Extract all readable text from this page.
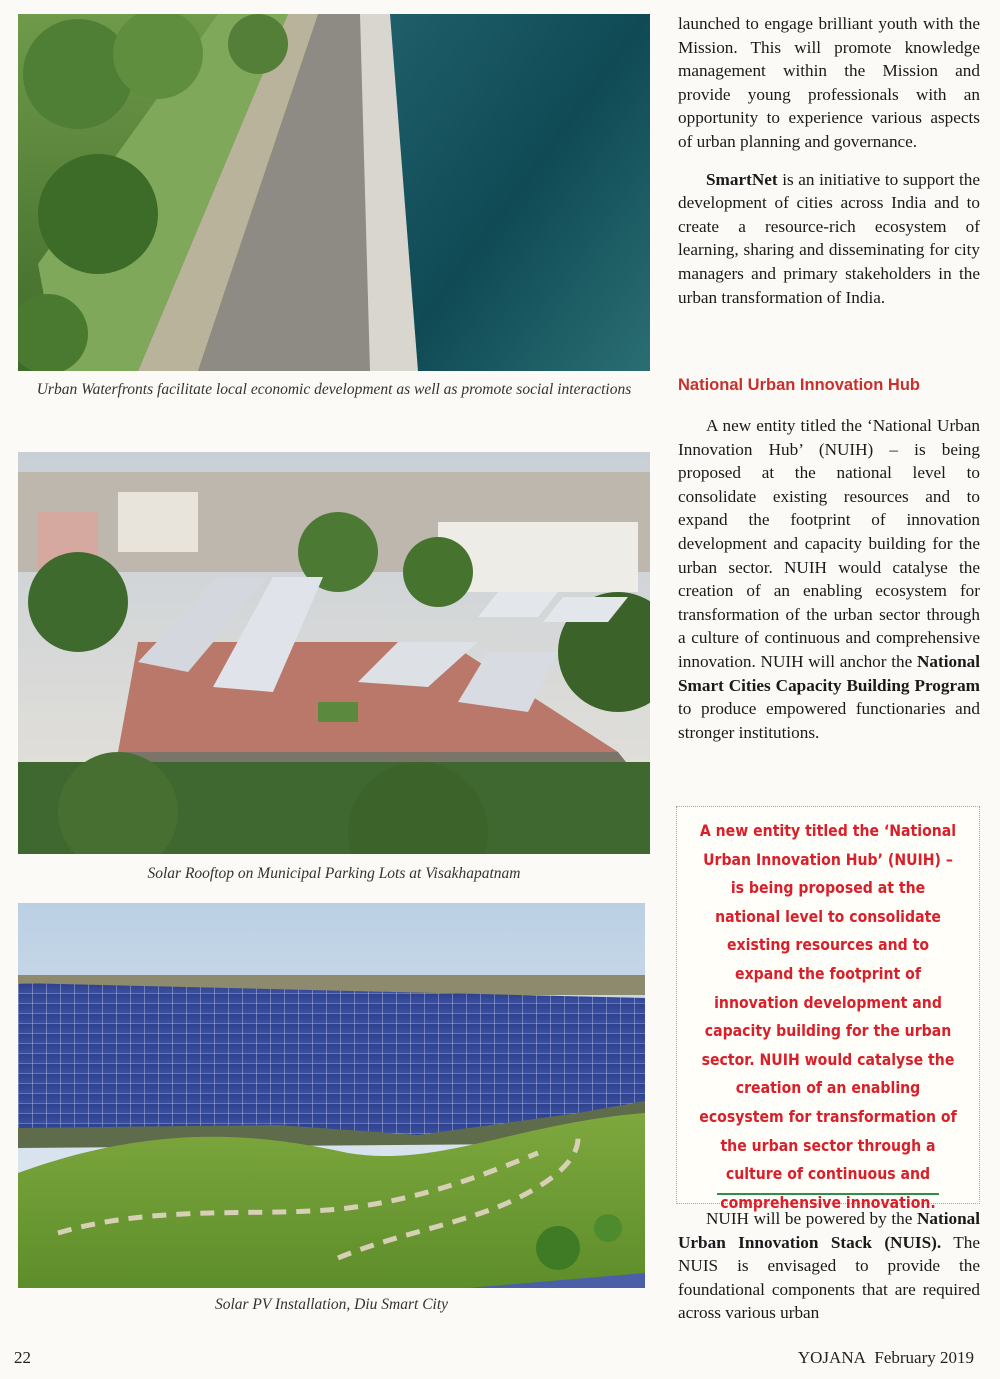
Urban Waterfronts facilitate local economic development as well as promote social interactions
Solar Rooftop on Municipal Parking Lots at Visakhapatnam
Solar PV Installation, Diu Smart City

launched to engage brilliant youth with the Mission. This will promote knowledge management within the Mission and provide young professionals with an opportunity to experience various aspects of urban planning and governance.

SmartNet is an initiative to support the development of cities across India and to create a resource-rich ecosystem of learning, sharing and disseminating for city managers and primary stakeholders in the urban transformation of India.

National Urban Innovation Hub

A new entity titled the ‘National Urban Innovation Hub’ (NUIH) – is being proposed at the national level to consolidate existing resources and to expand the footprint of innovation development and capacity building for the urban sector. NUIH would catalyse the creation of an enabling ecosystem for transformation of the urban sector through a culture of continuous and comprehensive innovation. NUIH will anchor the National Smart Cities Capacity Building Program to produce empowered functionaries and stronger institutions.

A new entity titled the ‘National Urban Innovation Hub’ (NUIH) – is being proposed at the national level to consolidate existing resources and to expand the footprint of innovation development and capacity building for the urban sector. NUIH would catalyse the creation of an enabling ecosystem for transformation of the urban sector through a culture of continuous and comprehensive innovation.

NUIH will be powered by the National Urban Innovation Stack (NUIS). The NUIS is envisaged to provide the foundational components that are required across various urban

22	YOJANA February 2019
